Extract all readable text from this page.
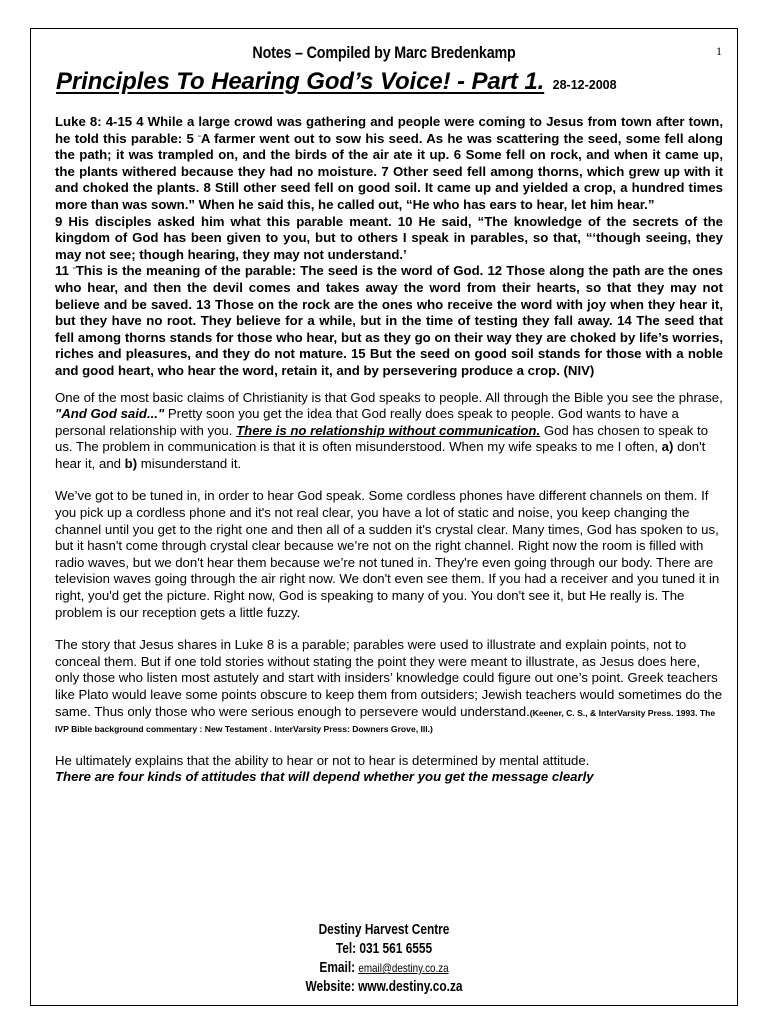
1
Notes – Compiled by Marc Bredenkamp
Principles To Hearing God’s Voice! - Part 1. 28-12-2008

Luke 8: 4-15 4 While a large crowd was gathering and people were coming to Jesus from town after town, he told this parable: 5 “A farmer went out to sow his seed. As he was scattering the seed, some fell along the path; it was trampled on, and the birds of the air ate it up. 6 Some fell on rock, and when it came up, the plants withered because they had no moisture. 7 Other seed fell among thorns, which grew up with it and choked the plants. 8 Still other seed fell on good soil. It came up and yielded a crop, a hundred times more than was sown.” When he said this, he called out, “He who has ears to hear, let him hear.”

9 His disciples asked him what this parable meant. 10 He said, “The knowledge of the secrets of the kingdom of God has been given to you, but to others I speak in parables, so that, “‘though seeing, they may not see; though hearing, they may not understand.’

11 “This is the meaning of the parable: The seed is the word of God. 12 Those along the path are the ones who hear, and then the devil comes and takes away the word from their hearts, so that they may not believe and be saved. 13 Those on the rock are the ones who receive the word with joy when they hear it, but they have no root. They believe for a while, but in the time of testing they fall away. 14 The seed that fell among thorns stands for those who hear, but as they go on their way they are choked by life’s worries, riches and pleasures, and they do not mature. 15 But the seed on good soil stands for those with a noble and good heart, who hear the word, retain it, and by persevering produce a crop. (NIV)

One of the most basic claims of Christianity is that God speaks to people. All through the Bible you see the phrase, "And God said..." Pretty soon you get the idea that God really does speak to people. God wants to have a personal relationship with you. There is no relationship without communication. God has chosen to speak to us. The problem in communication is that it is often misunderstood. When my wife speaks to me I often, a) don't hear it, and b) misunderstand it.

We’ve got to be tuned in, in order to hear God speak. Some cordless phones have different channels on them. If you pick up a cordless phone and it's not real clear, you have a lot of static and noise, you keep changing the channel until you get to the right one and then all of a sudden it's crystal clear. Many times, God has spoken to us, but it hasn't come through crystal clear because we’re not on the right channel. Right now the room is filled with radio waves, but we don't hear them because we’re not tuned in. They're even going through our body. There are television waves going through the air right now. We don't even see them. If you had a receiver and you tuned it in right, you'd get the picture. Right now, God is speaking to many of you. You don't see it, but He really is. The problem is our reception gets a little fuzzy.

The story that Jesus shares in Luke 8 is a parable; parables were used to illustrate and explain points, not to conceal them. But if one told stories without stating the point they were meant to illustrate, as Jesus does here, only those who listen most astutely and start with insiders’ knowledge could figure out one’s point. Greek teachers like Plato would leave some points obscure to keep them from outsiders; Jewish teachers would sometimes do the same. Thus only those who were serious enough to persevere would understand.(Keener, C. S., & InterVarsity Press. 1993. The IVP Bible background commentary : New Testament . InterVarsity Press: Downers Grove, Ill.)

He ultimately explains that the ability to hear or not to hear is determined by mental attitude.
There are four kinds of attitudes that will depend whether you get the message clearly

Destiny Harvest Centre
Tel: 031 561 6555
Email: email@destiny.co.za
Website: www.destiny.co.za
